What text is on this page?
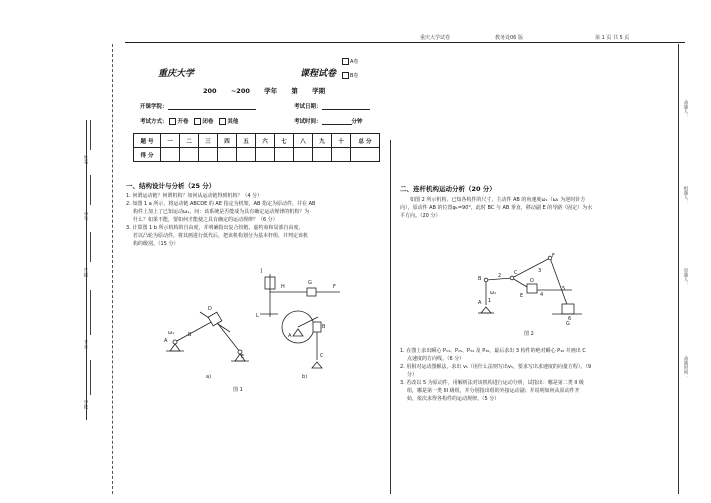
重庆大学试卷	教务处06 版	第 1 页 共 5 页
姓名
学号
年级
专业
学院
命题人：
组题人：
审题人：
命题时间：
重庆大学	课程试卷
A卷
B卷
200 ~200 学年 第 学期
开课学院：	考试日期：
考试方式： 开卷	闭卷	其他	考试时间：	分钟
题 号	一	二	三	四	五	六	七	八	九	十	总 分
得 分											
一、结构设计与分析（25 分）
1. 何谓运动链？何谓机构？如何从运动链得到机构？（4 分）
2. 如图 1 a 所示，将运动链 ABCDE 的 AE 指定为机架，AB 指定为原动件，并在 AB
构件上加上了已知运动ω₁，问：该系统是否能成为具有确定运动规律的机构？为
什么？如果不能，要如何才能使之具有确定的运动规律？（6 分）
3. 计算图 1 b 所示机构的自由度，并明确指出复合铰链、虚约束和局部自由度，
若以凸轮为原动件，将其画进行低代后，把该机构划分为基本杆组，并判定该机
构的级别。（15 分）
A
D
E
ω₁	B
J
H
G
F
L
B
C
A
a)	b)
图 1
二、连杆机构运动分析（20 分）
如图 2 所示机构，已知各构件的尺寸，主动件 AB 的角速度ω₁（ω₁ 为逆时针方
向），原动件 AB 的位置φ₁=90°，此时 BC 与 AB 垂直，移动副 E 的导路（固定）为水
平方向。（20 分）
B
A
C
F
D
E
G
ω₁
2
1
3
4
5
6
图 2
1. 在图上求出瞬心 P₁₃、P₁₅、P₃₄ 及 P₃₆，最后求出 3 构件的绝对瞬心 P₃₆ 并画出 C
点速度的方向线。（6 分）
2. 用相对运动图解法，求出 v₅（用什么法则写出v₅，要求写出求速度的向量方程）。（9
分）
3. 若改以 5 为原动件，用解析法对该机构进行运动分析，试指出：哪是第二类 II 级
组，哪是第一类 III 级组，并分别指出组的外接运动副；并说明如何从原动件开
始，依次求得各构件的运动规律。（5 分）
